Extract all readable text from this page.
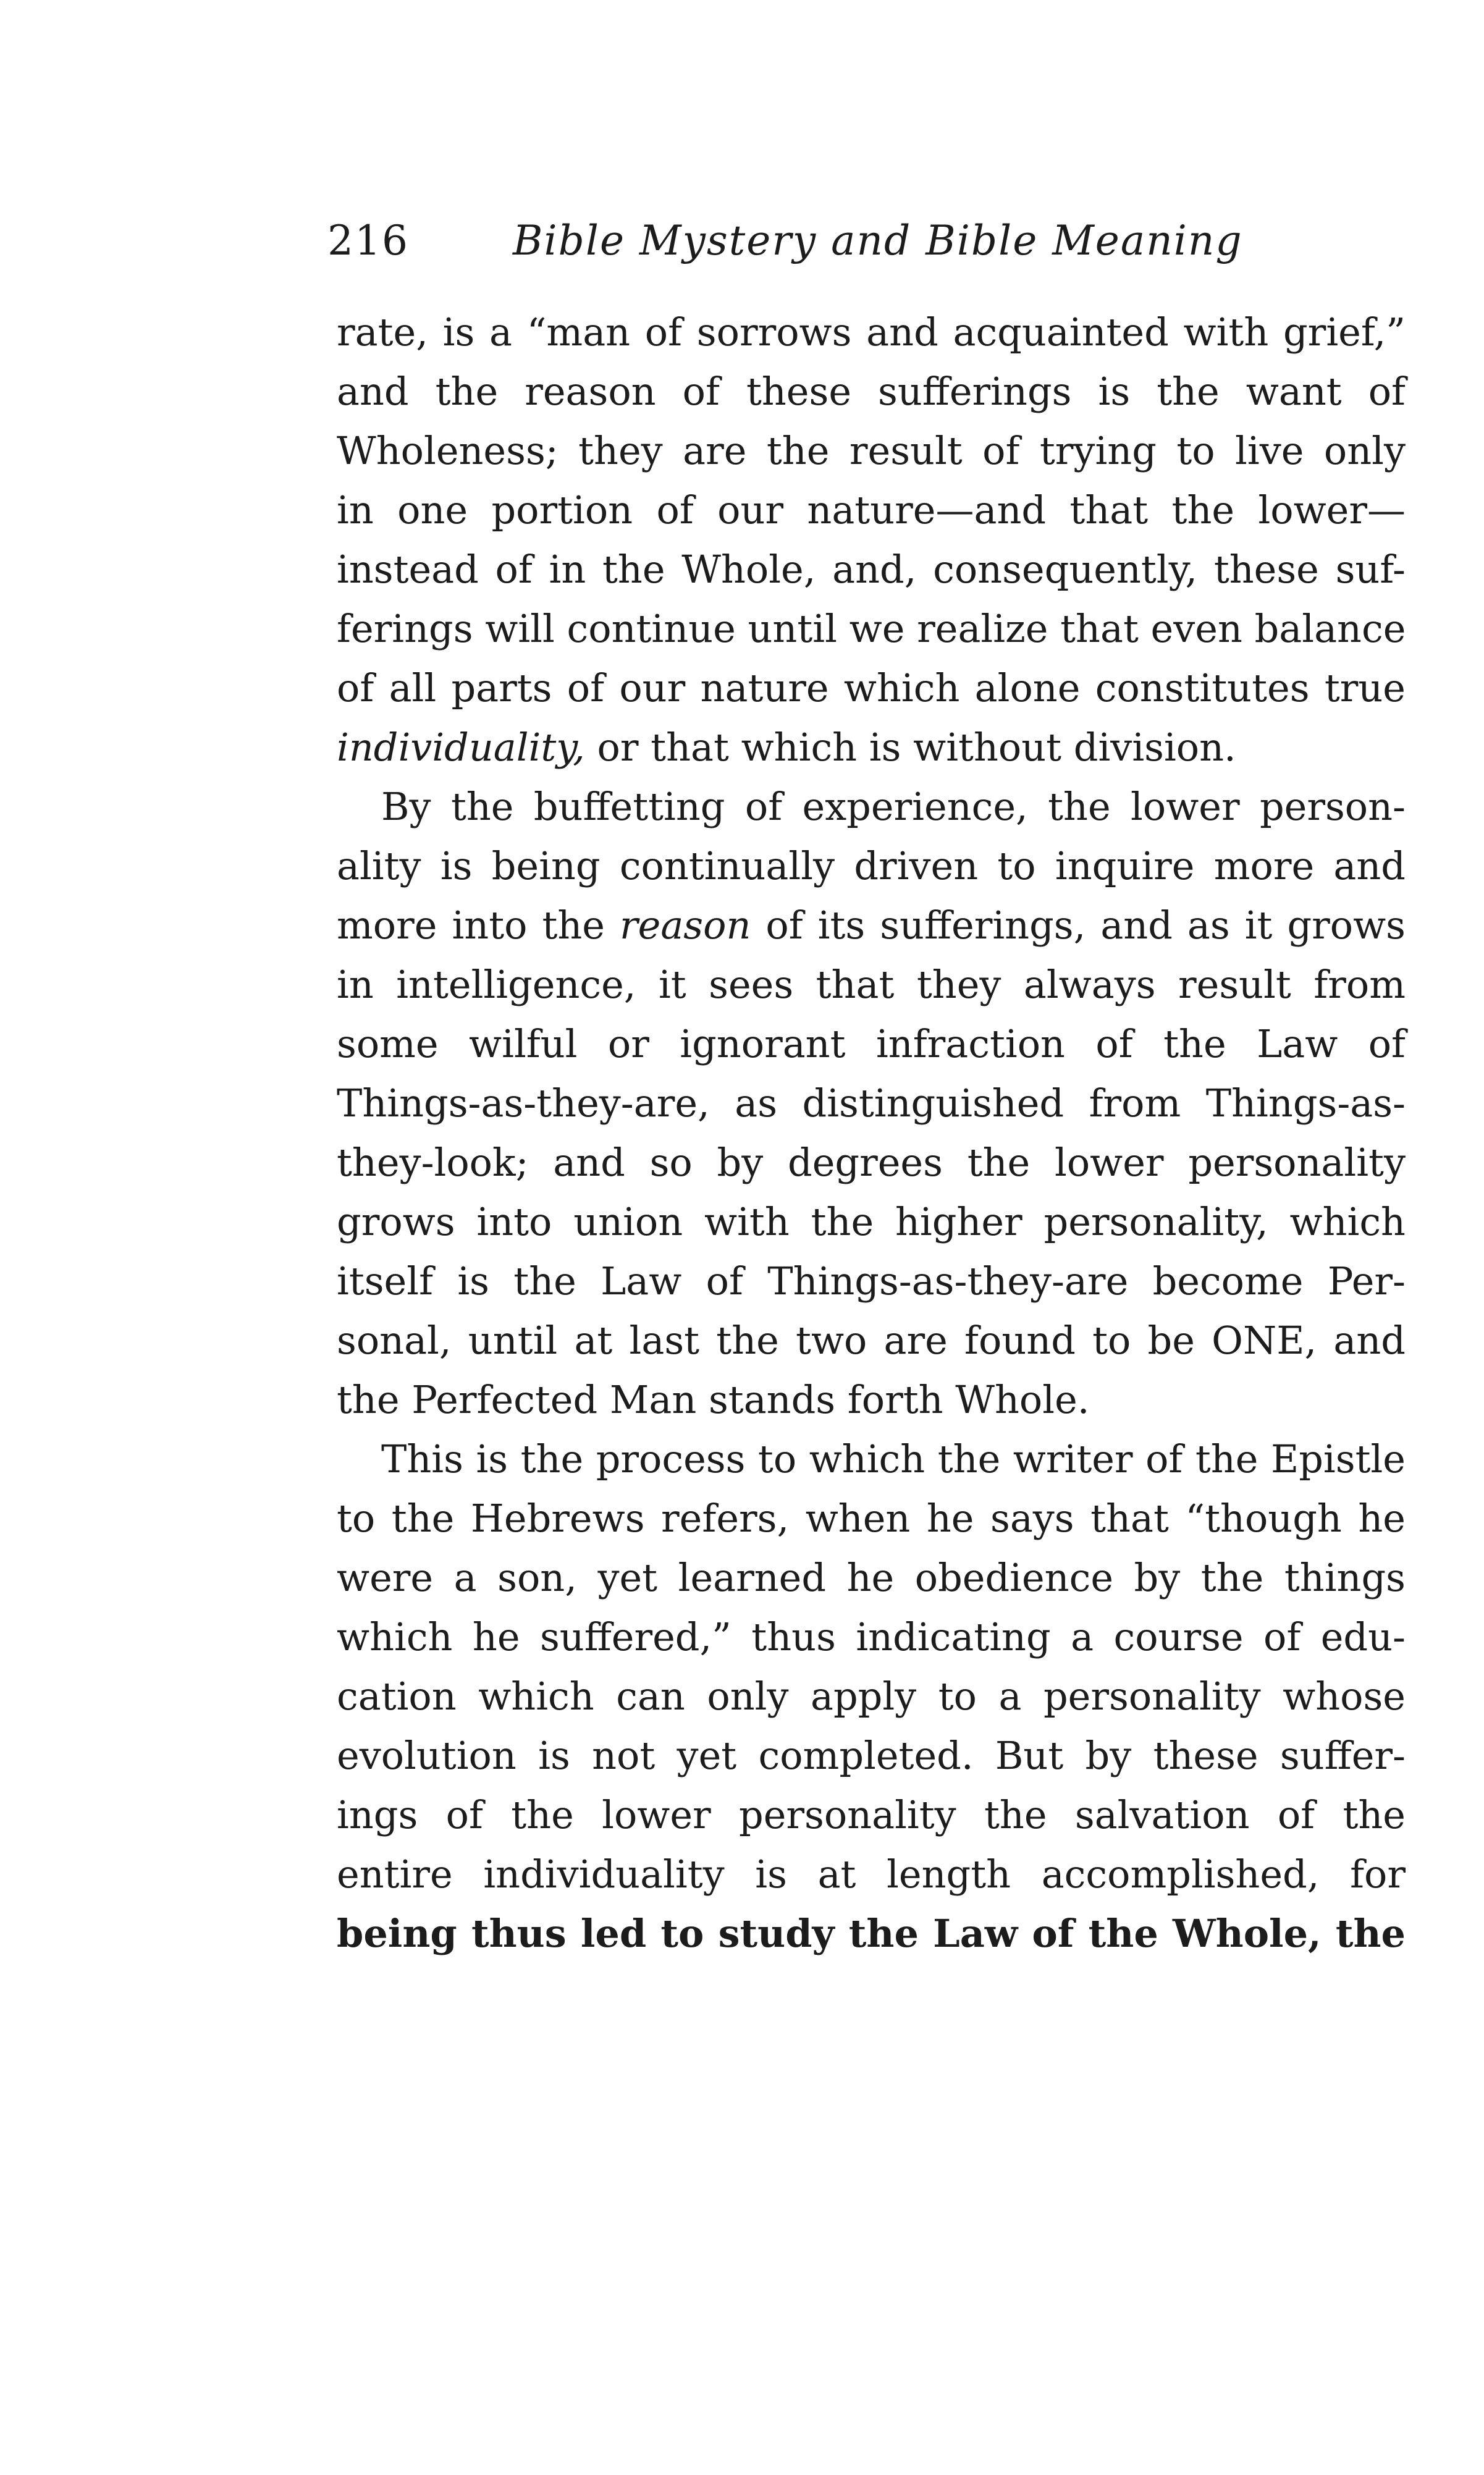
216	Bible Mystery and Bible Meaning
rate, is a “man of sorrows and acquainted with grief,”
and the reason of these sufferings is the want of
Wholeness; they are the result of trying to live only
in one portion of our nature—and that the lower—
instead of in the Whole, and, consequently, these suf-
ferings will continue until we realize that even balance
of all parts of our nature which alone constitutes true
individuality, or that which is without division.
By the buffetting of experience, the lower person-
ality is being continually driven to inquire more and
more into the reason of its sufferings, and as it grows
in intelligence, it sees that they always result from
some wilful or ignorant infraction of the Law of
Things-as-they-are, as distinguished from Things-as-
they-look; and so by degrees the lower personality
grows into union with the higher personality, which
itself is the Law of Things-as-they-are become Per-
sonal, until at last the two are found to be ONE, and
the Perfected Man stands forth Whole.
This is the process to which the writer of the Epistle
to the Hebrews refers, when he says that “though he
were a son, yet learned he obedience by the things
which he suffered,” thus indicating a course of edu-
cation which can only apply to a personality whose
evolution is not yet completed. But by these suffer-
ings of the lower personality the salvation of the
entire individuality is at length accomplished, for
being thus led to study the Law of the Whole, the
